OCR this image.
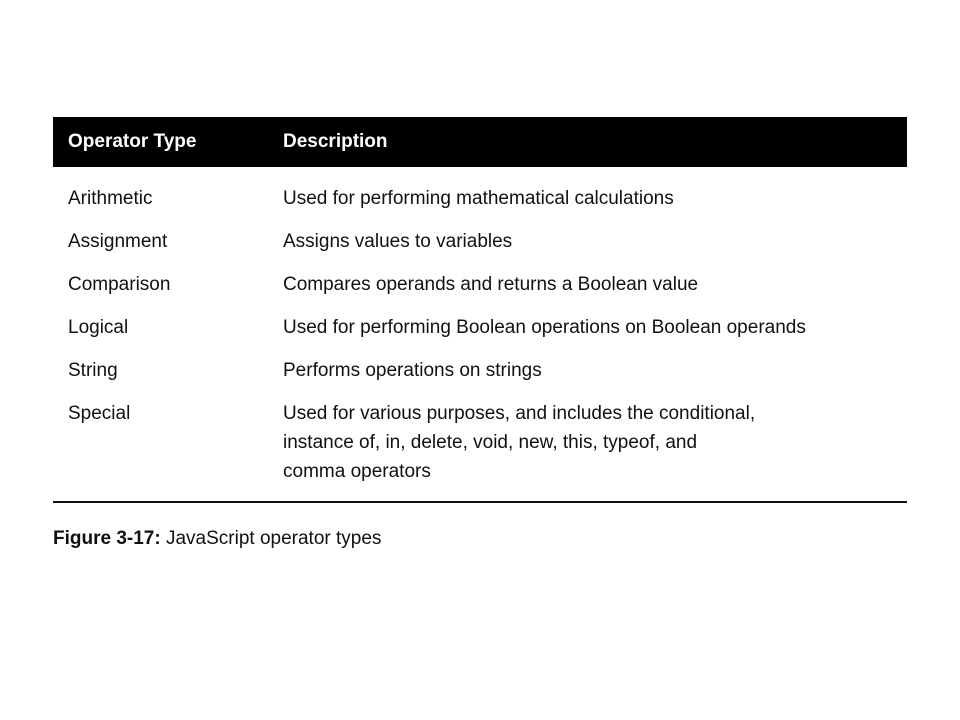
Operator Type	Description
Arithmetic	Used for performing mathematical calculations
Assignment	Assigns values to variables
Comparison	Compares operands and returns a Boolean value
Logical	Used for performing Boolean operations on Boolean operands
String	Performs operations on strings
Special	Used for various purposes, and includes the conditional,
instance of, in, delete, void, new, this, typeof, and
comma operators
Figure 3-17: JavaScript operator types
